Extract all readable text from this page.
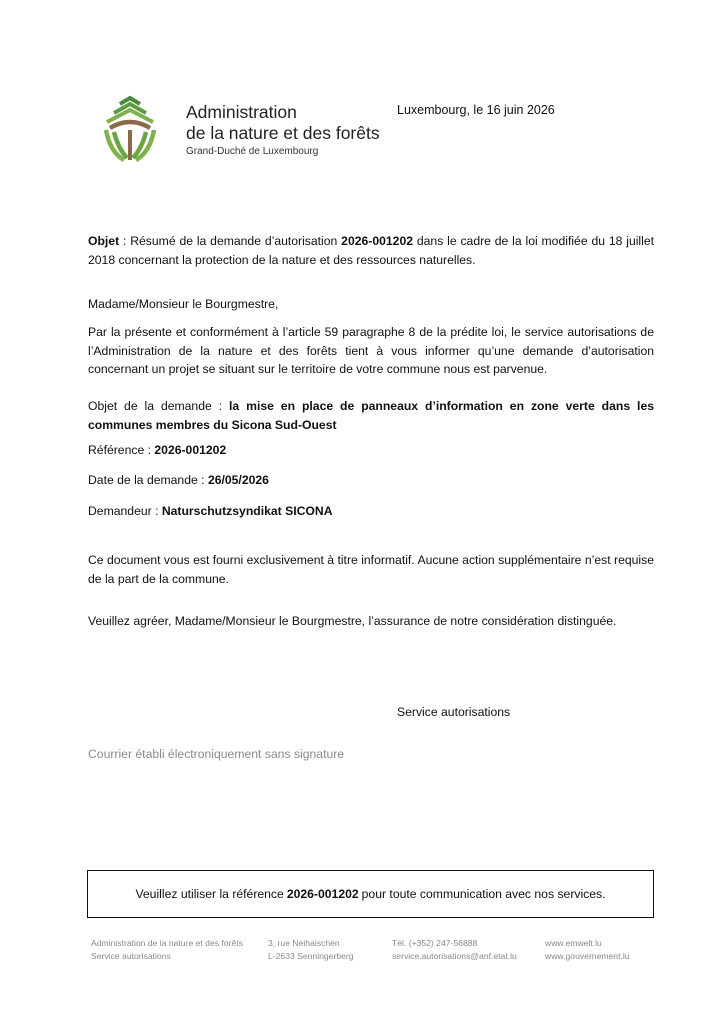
Administration
de la nature et des forêts
Grand-Duché de Luxembourg
Luxembourg, le 16 juin 2026
Objet : Résumé de la demande d’autorisation 2026-001202 dans le cadre de la loi modifiée du 18 juillet 2018 concernant la protection de la nature et des ressources naturelles.
Madame/Monsieur le Bourgmestre,
Par la présente et conformément à l’article 59 paragraphe 8 de la prédite loi, le service autorisations de l’Administration de la nature et des forêts tient à vous informer qu’une demande d’autorisation concernant un projet se situant sur le territoire de votre commune nous est parvenue.
Objet de la demande : la mise en place de panneaux d’information en zone verte dans les communes membres du Sicona Sud-Ouest
Référence : 2026-001202
Date de la demande : 26/05/2026
Demandeur : Naturschutzsyndikat SICONA
Ce document vous est fourni exclusivement à titre informatif. Aucune action supplémentaire n’est requise de la part de la commune.
Veuillez agréer, Madame/Monsieur le Bourgmestre, l’assurance de notre considération distinguée.
Service autorisations
Courrier établi électroniquement sans signature
Veuillez utiliser la référence 2026-001202 pour toute communication avec nos services.
Administration de la nature et des forêts
Service autorisations
3, rue Neihaischen
L-2633 Senningerberg
Tél. (+352) 247-56888
service.autorisations@anf.etat.lu
www.emwelt.lu
www.gouvernement.lu
